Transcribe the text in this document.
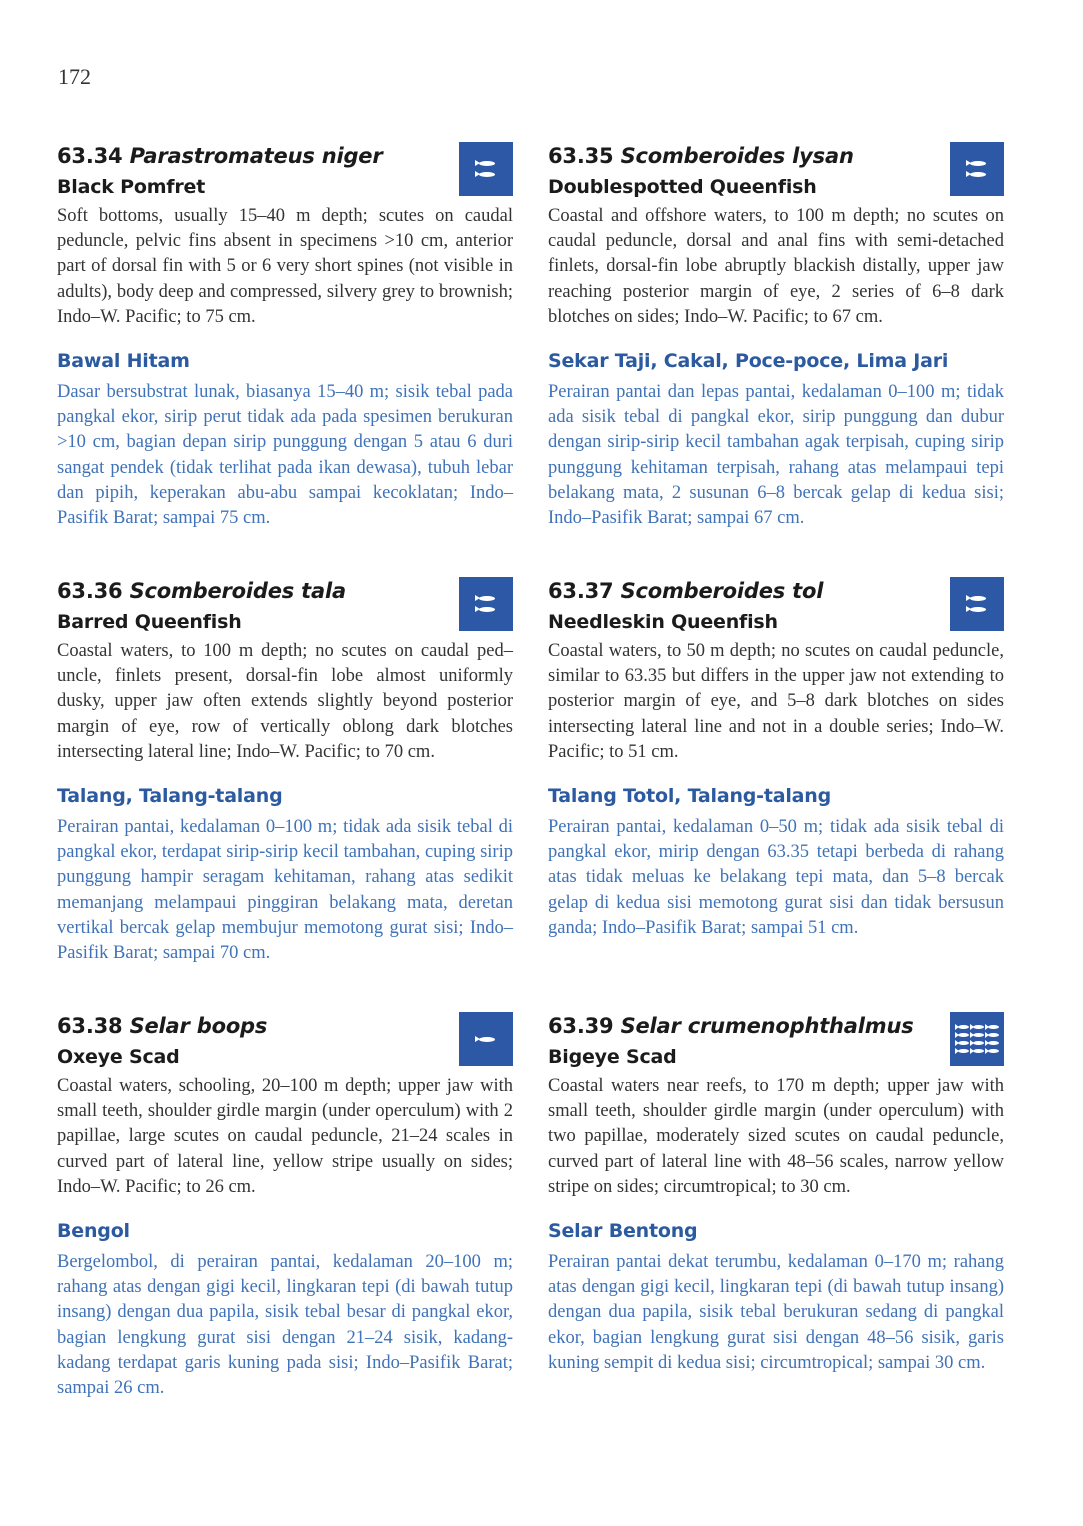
172
63.34 Parastromateus niger
Black Pomfret

Soft bottoms, usually 15–40 m depth; scutes on caudal peduncle, pelvic fins absent in specimens >10 cm, anterior part of dorsal fin with 5 or 6 very short spines (not visible in adults), body deep and compressed, silvery grey to brownish; Indo–W. Pacific; to 75 cm.

Bawal Hitam

Dasar bersubstrat lunak, biasanya 15–40 m; sisik tebal pada pangkal ekor, sirip perut tidak ada pada spesimen berukuran >10 cm, bagian depan sirip punggung dengan 5 atau 6 duri sangat pendek (tidak terlihat pada ikan dewasa), tubuh lebar dan pipih, keperakan abu-abu sampai kecoklatan; Indo–Pasifik Barat; sampai 75 cm.

63.35 Scomberoides lysan
Doublespotted Queenfish

Coastal and offshore waters, to 100 m depth; no scutes on caudal peduncle, dorsal and anal fins with semi-detached finlets, dorsal-fin lobe abruptly blackish distally, upper jaw reaching posterior margin of eye, 2 series of 6–8 dark blotches on sides; Indo–W. Pacific; to 67 cm.

Sekar Taji, Cakal, Poce-poce, Lima Jari

Perairan pantai dan lepas pantai, kedalaman 0–100 m; tidak ada sisik tebal di pangkal ekor, sirip punggung dan dubur dengan sirip-sirip kecil tambahan agak terpisah, cuping sirip punggung kehitaman terpisah, rahang atas melampaui tepi belakang mata, 2 susunan 6–8 bercak gelap di kedua sisi; Indo–Pasifik Barat; sampai 67 cm.

63.36 Scomberoides tala
Barred Queenfish

Coastal waters, to 100 m depth; no scutes on caudal ped–uncle, finlets present, dorsal-fin lobe almost uniformly dusky, upper jaw often extends slightly beyond posterior margin of eye, row of vertically oblong dark blotches intersecting lateral line; Indo–W. Pacific; to 70 cm.

Talang, Talang-talang

Perairan pantai, kedalaman 0–100 m; tidak ada sisik tebal di pangkal ekor, terdapat sirip-sirip kecil tambahan, cuping sirip punggung hampir seragam kehitaman, rahang atas sedikit memanjang melampaui pinggiran belakang mata, deretan vertikal bercak gelap membujur memotong gurat sisi; Indo–Pasifik Barat; sampai 70 cm.

63.37 Scomberoides tol
Needleskin Queenfish

Coastal waters, to 50 m depth; no scutes on caudal peduncle, similar to 63.35 but differs in the upper jaw not extending to posterior margin of eye, and 5–8 dark blotches on sides intersecting lateral line and not in a double series; Indo–W. Pacific; to 51 cm.

Talang Totol, Talang-talang

Perairan pantai, kedalaman 0–50 m; tidak ada sisik tebal di pangkal ekor, mirip dengan 63.35 tetapi berbeda di rahang atas tidak meluas ke belakang tepi mata, dan 5–8 bercak gelap di kedua sisi memotong gurat sisi dan tidak bersusun ganda; Indo–Pasifik Barat; sampai 51 cm.

63.38 Selar boops
Oxeye Scad

Coastal waters, schooling, 20–100 m depth; upper jaw with small teeth, shoulder girdle margin (under operculum) with 2 papillae, large scutes on caudal peduncle, 21–24 scales in curved part of lateral line, yellow stripe usually on sides; Indo–W. Pacific; to 26 cm.

Bengol

Bergelombol, di perairan pantai, kedalaman 20–100 m; rahang atas dengan gigi kecil, lingkaran tepi (di bawah tutup insang) dengan dua papila, sisik tebal besar di pangkal ekor, bagian lengkung gurat sisi dengan 21–24 sisik, kadang-kadang terdapat garis kuning pada sisi; Indo–Pasifik Barat; sampai 26 cm.

63.39 Selar crumenophthalmus
Bigeye Scad

Coastal waters near reefs, to 170 m depth; upper jaw with small teeth, shoulder girdle margin (under operculum) with two papillae, moderately sized scutes on caudal peduncle, curved part of lateral line with 48–56 scales, narrow yellow stripe on sides; circumtropical; to 30 cm.

Selar Bentong

Perairan pantai dekat terumbu, kedalaman 0–170 m; rahang atas dengan gigi kecil, lingkaran tepi (di bawah tutup insang) dengan dua papila, sisik tebal berukuran sedang di pangkal ekor, bagian lengkung gurat sisi dengan 48–56 sisik, garis kuning sempit di kedua sisi; circumtropical; sampai 30 cm.
